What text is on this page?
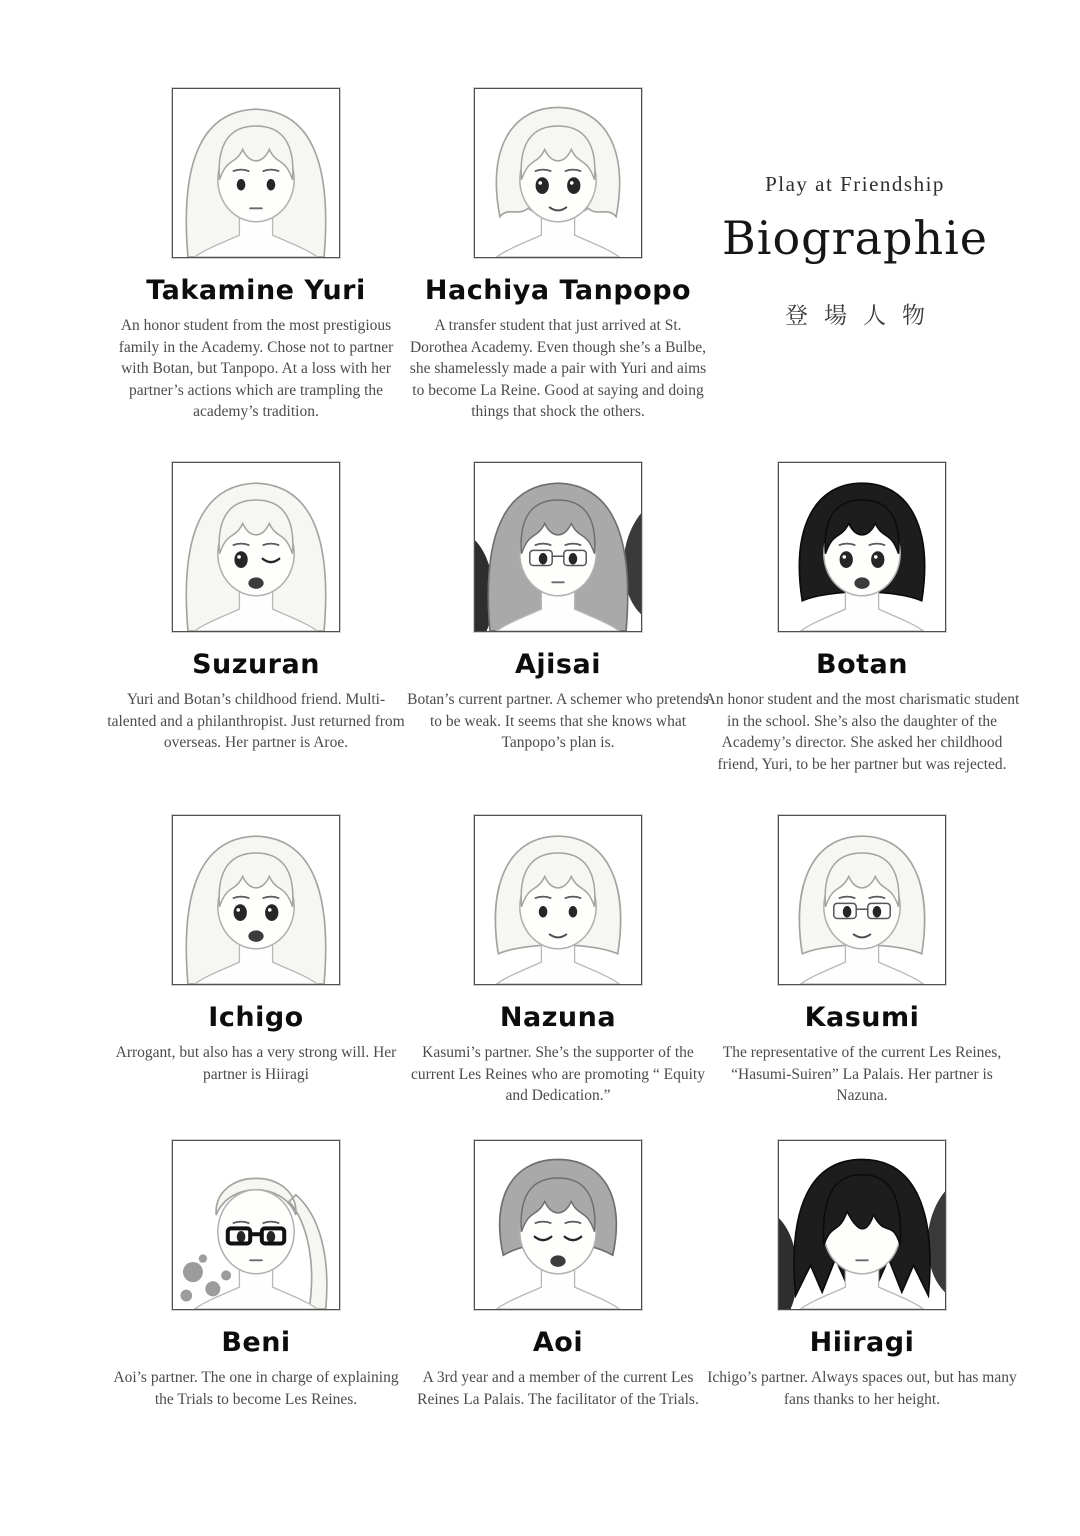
Play at Friendship
Biographie
登場人物
Takamine Yuri
An honor student from the most prestigious family in the Academy. Chose not to partner with Botan, but Tanpopo. At a loss with her partner’s actions which are trampling the academy’s tradition.
Hachiya Tanpopo
A transfer student that just arrived at St. Dorothea Academy. Even though she’s a Bulbe, she shamelessly made a pair with Yuri and aims to become La Reine. Good at saying and doing things that shock the others.
Suzuran
Yuri and Botan’s childhood friend. Multi-talented and a philanthropist. Just returned from overseas. Her partner is Aroe.
Ajisai
Botan’s current partner. A schemer who pretends to be weak. It seems that she knows what Tanpopo’s plan is.
Botan
An honor student and the most charismatic student in the school. She’s also the daughter of the Academy’s director. She asked her childhood friend, Yuri, to be her partner but was rejected.
Ichigo
Arrogant, but also has a very strong will. Her partner is Hiiragi
Nazuna
Kasumi’s partner. She’s the supporter of the current Les Reines who are promoting “ Equity and Dedication.”
Kasumi
The representative of the current Les Reines, “Hasumi-Suiren” La Palais. Her partner is Nazuna.
Beni
Aoi’s partner. The one in charge of explaining the Trials to become Les Reines.
Aoi
A 3rd year and a member of the current Les Reines La Palais. The facilitator of the Trials.
Hiiragi
Ichigo’s partner. Always spaces out, but has many fans thanks to her height.
